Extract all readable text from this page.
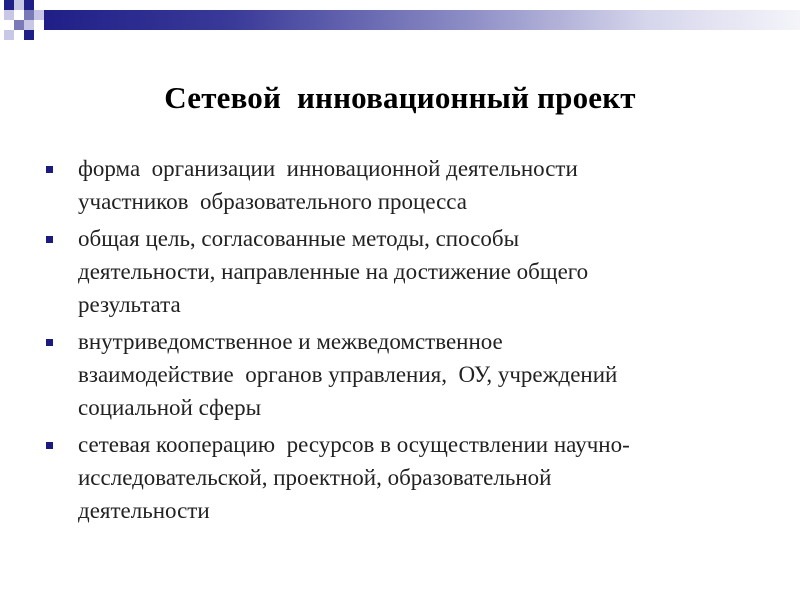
Сетевой  инновационный проект
форма  организации  инновационной деятельности
участников  образовательного процесса
общая цель, согласованные методы, способы
деятельности, направленные на достижение общего
результата
внутриведомственное и межведомственное
взаимодействие  органов управления,  ОУ, учреждений
социальной сферы
сетевая кооперацию  ресурсов в осуществлении научно-
исследовательской, проектной, образовательной
деятельности
